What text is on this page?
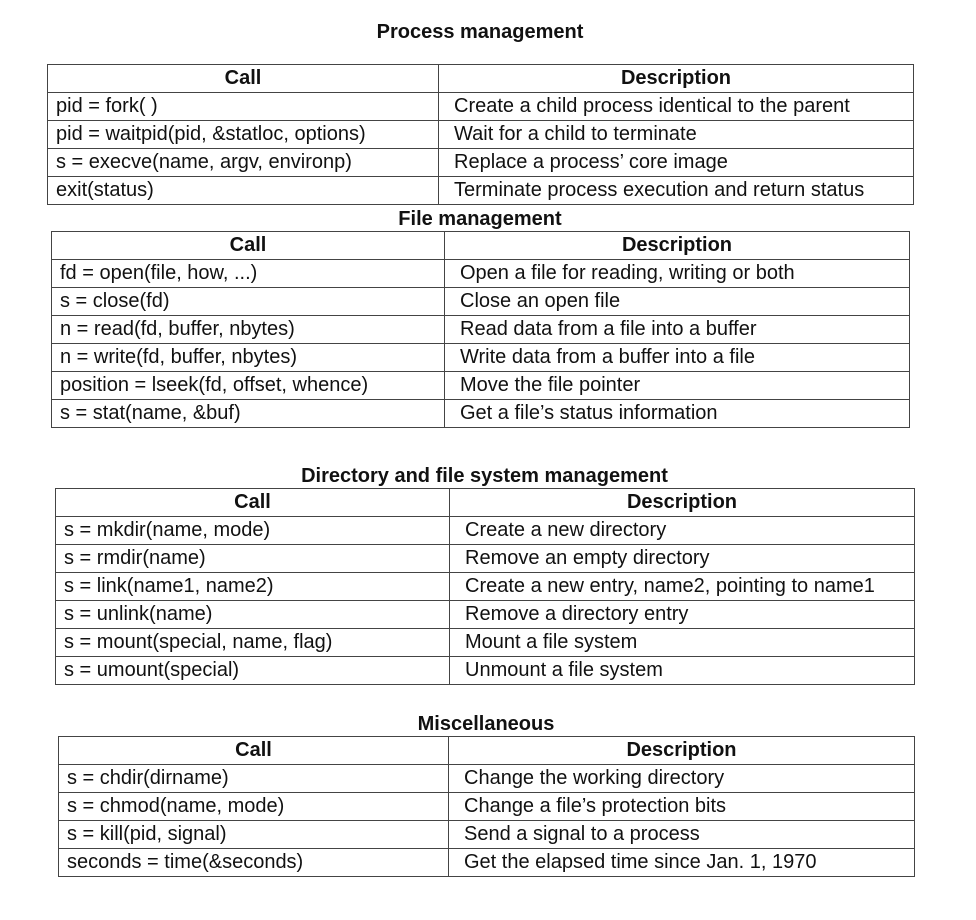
Process management
Call	Description
pid = fork( )	Create a child process identical to the parent
pid = waitpid(pid, &statloc, options)	Wait for a child to terminate
s = execve(name, argv, environp)	Replace a process’ core image
exit(status)	Terminate process execution and return status
File management
Call	Description
fd = open(file, how, ...)	Open a file for reading, writing or both
s = close(fd)	Close an open file
n = read(fd, buffer, nbytes)	Read data from a file into a buffer
n = write(fd, buffer, nbytes)	Write data from a buffer into a file
position = lseek(fd, offset, whence)	Move the file pointer
s = stat(name, &buf)	Get a file’s status information
Directory and file system management
Call	Description
s = mkdir(name, mode)	Create a new directory
s = rmdir(name)	Remove an empty directory
s = link(name1, name2)	Create a new entry, name2, pointing to name1
s = unlink(name)	Remove a directory entry
s = mount(special, name, flag)	Mount a file system
s = umount(special)	Unmount a file system
Miscellaneous
Call	Description
s = chdir(dirname)	Change the working directory
s = chmod(name, mode)	Change a file’s protection bits
s = kill(pid, signal)	Send a signal to a process
seconds = time(&seconds)	Get the elapsed time since Jan. 1, 1970
